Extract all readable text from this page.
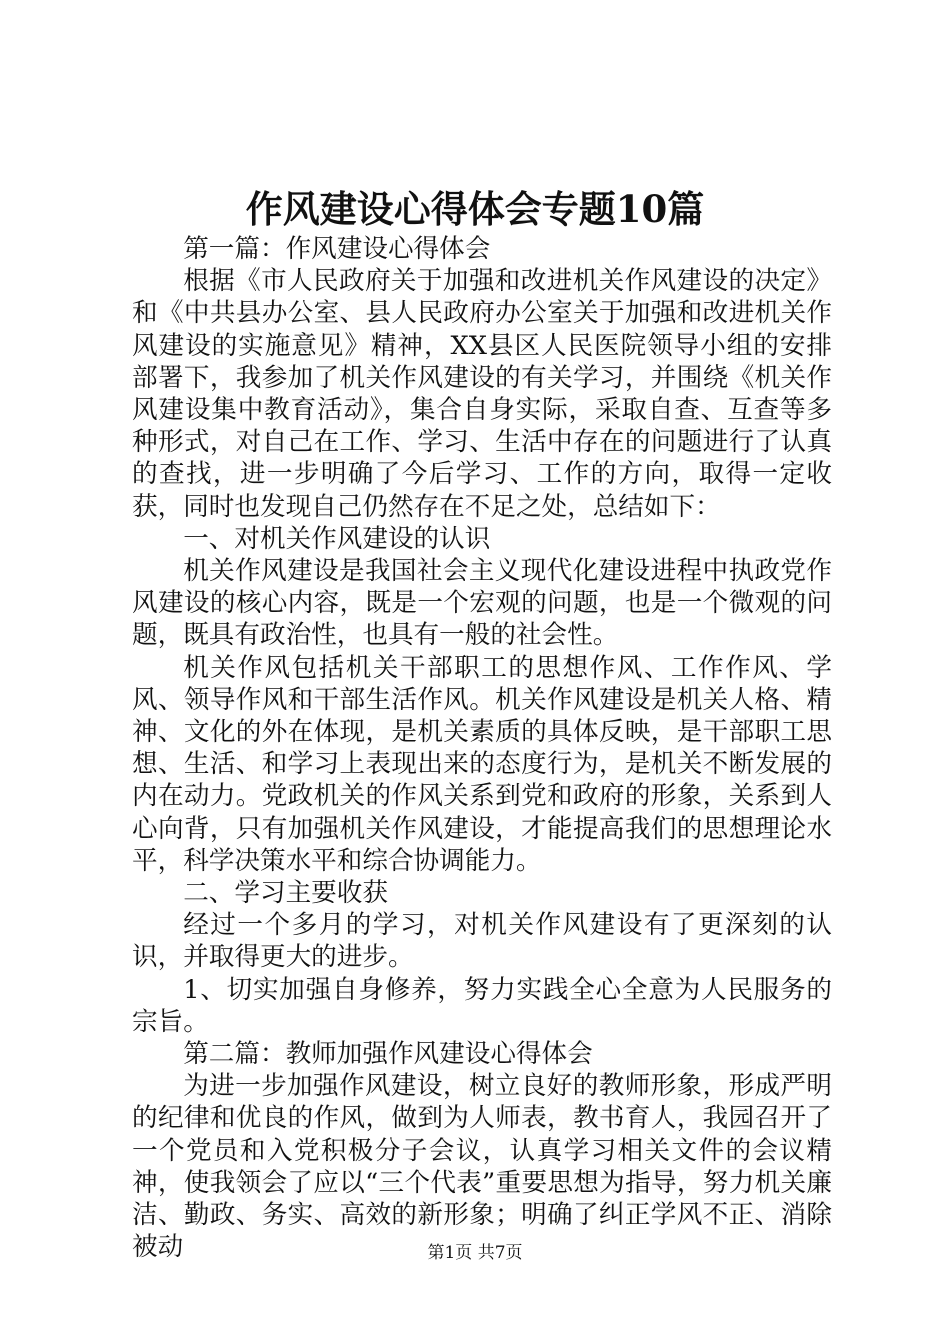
作风建设心得体会专题10篇

第一篇：作风建设心得体会

根据《市人民政府关于加强和改进机关作风建设的决定》和《中共县办公室、县人民政府办公室关于加强和改进机关作风建设的实施意见》精神，XX县区人民医院领导小组的安排部署下，我参加了机关作风建设的有关学习，并围绕《机关作风建设集中教育活动》，集合自身实际，采取自查、互查等多种形式，对自己在工作、学习、生活中存在的问题进行了认真的查找，进一步明确了今后学习、工作的方向，取得一定收获，同时也发现自己仍然存在不足之处，总结如下：

一、对机关作风建设的认识

机关作风建设是我国社会主义现代化建设进程中执政党作风建设的核心内容，既是一个宏观的问题，也是一个微观的问题，既具有政治性，也具有一般的社会性。

机关作风包括机关干部职工的思想作风、工作作风、学风、领导作风和干部生活作风。机关作风建设是机关人格、精神、文化的外在体现，是机关素质的具体反映，是干部职工思想、生活、和学习上表现出来的态度行为，是机关不断发展的内在动力。党政机关的作风关系到党和政府的形象，关系到人心向背，只有加强机关作风建设，才能提高我们的思想理论水平，科学决策水平和综合协调能力。

二、学习主要收获

经过一个多月的学习，对机关作风建设有了更深刻的认识，并取得更大的进步。

1、切实加强自身修养，努力实践全心全意为人民服务的宗旨。

第二篇：教师加强作风建设心得体会

为进一步加强作风建设，树立良好的教师形象，形成严明的纪律和优良的作风，做到为人师表，教书育人，我园召开了一个党员和入党积极分子会议，认真学习相关文件的会议精神，使我领会了应以“三个代表”重要思想为指导，努力机关廉洁、勤政、务实、高效的新形象；明确了纠正学风不正、消除被动	第1页 共7页
